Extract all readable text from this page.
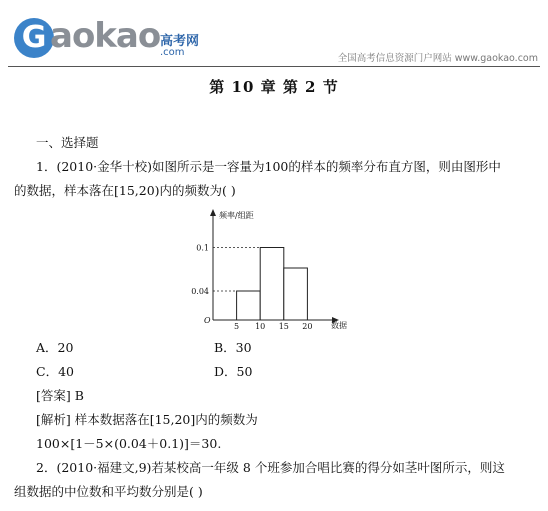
G aokao 高考网
.com
全国高考信息资源门户网站 www.gaokao.com
第 10 章 第 2 节
一、选择题
1．(2010·金华十校)如图所示是一容量为100的样本的频率分布直方图，则由图形中
的数据，样本落在[15,20)内的频数为( )
频率/组距
数据
O
0.04
0.1
5 10 15 20
A．20	B．30
C．40	D．50
[答案] B
[解析] 样本数据落在[15,20]内的频数为
100×[1－5×(0.04＋0.1)]＝30.
2．(2010·福建文,9)若某校高一年级 8 个班参加合唱比赛的得分如茎叶图所示，则这
组数据的中位数和平均数分别是( )
